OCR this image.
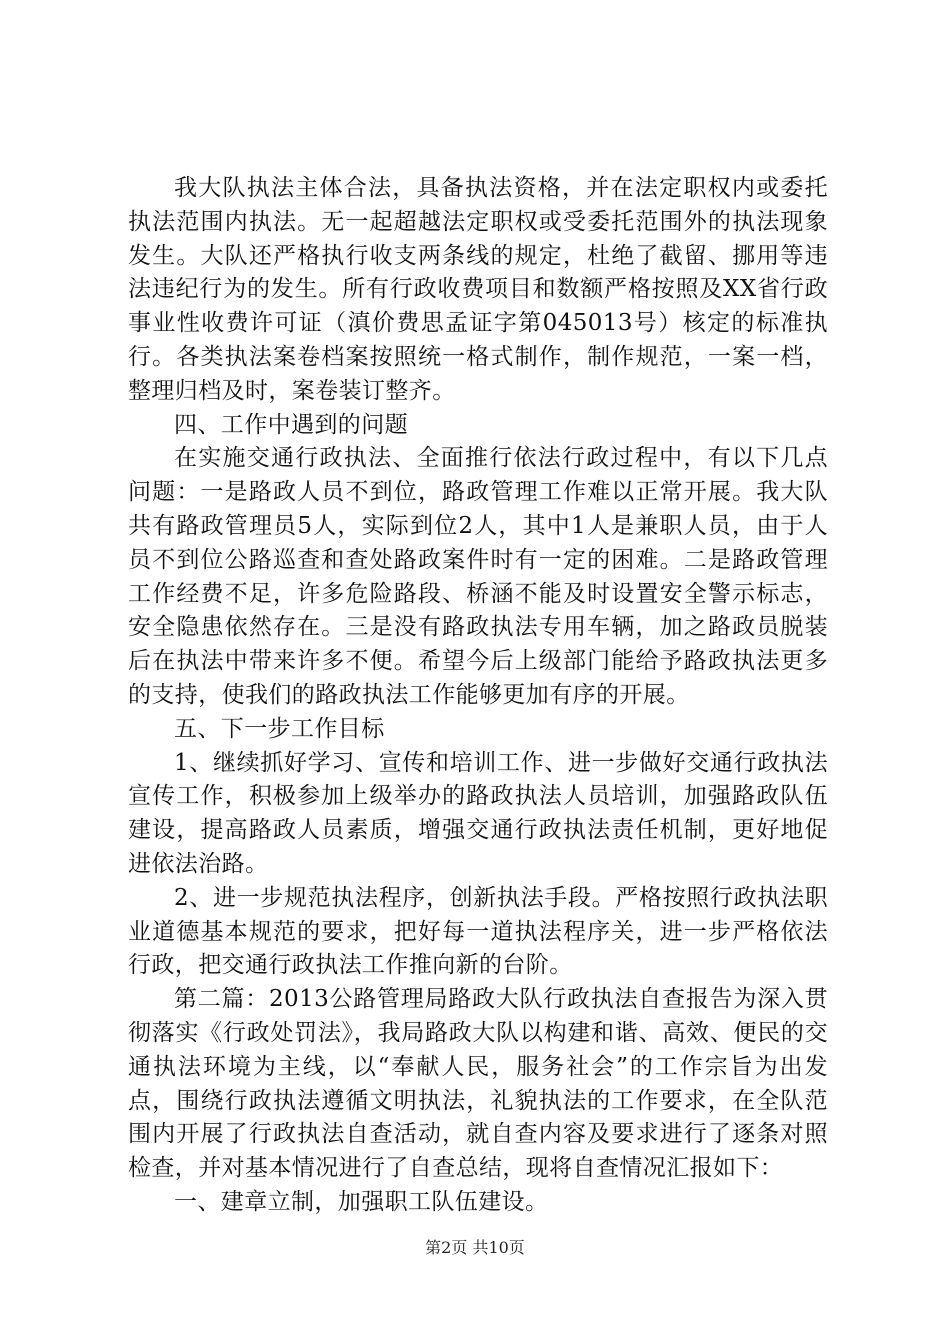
我大队执法主体合法，具备执法资格，并在法定职权内或委托执法范围内执法。无一起超越法定职权或受委托范围外的执法现象发生。大队还严格执行收支两条线的规定，杜绝了截留、挪用等违法违纪行为的发生。所有行政收费项目和数额严格按照及XX省行政事业性收费许可证（滇价费思孟证字第045013号）核定的标准执行。各类执法案卷档案按照统一格式制作，制作规范，一案一档，整理归档及时，案卷装订整齐。

四、工作中遇到的问题

在实施交通行政执法、全面推行依法行政过程中，有以下几点问题：一是路政人员不到位，路政管理工作难以正常开展。我大队共有路政管理员5人，实际到位2人，其中1人是兼职人员，由于人员不到位公路巡查和查处路政案件时有一定的困难。二是路政管理工作经费不足，许多危险路段、桥涵不能及时设置安全警示标志，安全隐患依然存在。三是没有路政执法专用车辆，加之路政员脱装后在执法中带来许多不便。希望今后上级部门能给予路政执法更多的支持，使我们的路政执法工作能够更加有序的开展。

五、下一步工作目标

1、继续抓好学习、宣传和培训工作、进一步做好交通行政执法宣传工作，积极参加上级举办的路政执法人员培训，加强路政队伍建设，提高路政人员素质，增强交通行政执法责任机制，更好地促进依法治路。

2、进一步规范执法程序，创新执法手段。严格按照行政执法职业道德基本规范的要求，把好每一道执法程序关，进一步严格依法行政，把交通行政执法工作推向新的台阶。

第二篇：2013公路管理局路政大队行政执法自查报告为深入贯彻落实《行政处罚法》，我局路政大队以构建和谐、高效、便民的交通执法环境为主线，以“奉献人民，服务社会”的工作宗旨为出发点，围绕行政执法遵循文明执法，礼貌执法的工作要求，在全队范围内开展了行政执法自查活动，就自查内容及要求进行了逐条对照检查，并对基本情况进行了自查总结，现将自查情况汇报如下：

一、建章立制，加强职工队伍建设。

第2页 共10页
